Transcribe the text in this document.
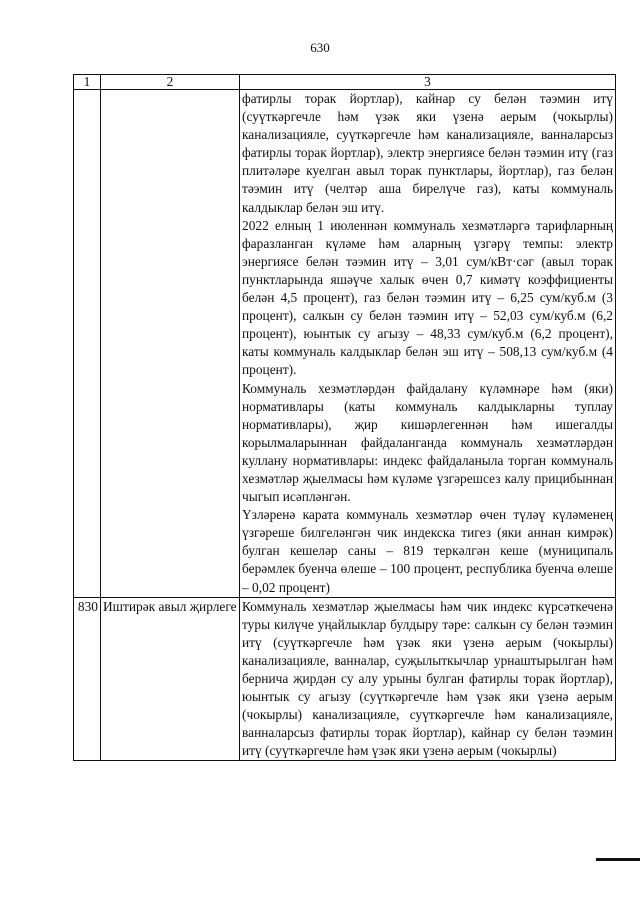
630
1	2	3

		фатирлы торак йортлар), кайнар су белән тәэмин итү (суүткәргечле һәм үзәк яки үзенә аерым (чокырлы) канализацияле, суүткәргечле һәм канализацияле, ванналарсыз фатирлы торак йортлар), электр энергиясе белән тәэмин итү (газ плитәләре куелган авыл торак пунктлары, йортлар), газ белән тәэмин итү (челтәр аша бирелүче газ), каты коммуналь калдыклар белән эш итү.

2022 елның 1 июленнән коммуналь хезмәтләргә тарифларның фаразланган күләме һәм аларның үзгәрү темпы: электр энергиясе белән тәэмин итү – 3,01 сум/кВт·сәг (авыл торак пунктларында яшәүче халык өчен 0,7 кимәтү коэффициенты белән 4,5 процент), газ белән тәэмин итү – 6,25 сум/куб.м (3 процент), салкын су белән тәэмин итү – 52,03 сум/куб.м (6,2 процент), юынтык су агызу – 48,33 сум/куб.м (6,2 процент), каты коммуналь калдыклар белән эш итү – 508,13 сум/куб.м (4 процент).

Коммуналь хезмәтләрдән файдалану күләмнәре һәм (яки) нормативлары (каты коммуналь калдыкларны туплау нормативлары), җир кишәрлегеннән һәм ишегалды корылмаларыннан файдаланганда коммуналь хезмәтләрдән куллану нормативлары: индекс файдаланыла торган коммуналь хезмәтләр җыелмасы һәм күләме үзгәрешсез калу прицибыннан чыгып исәпләнгән.

Үзләренә карата коммуналь хезмәтләр өчен түләү күләменең үзгәреше билгеләнгән чик индекска тигез (яки аннан кимрәк) булган кешеләр саны – 819 теркәлгән кеше (муниципаль берәмлек буенча өлеше – 100 процент, республика буенча өлеше – 0,02 процент)

830	Иштирәк авыл җирлеге	Коммуналь хезмәтләр җыелмасы һәм чик индекс күрсәткеченә туры килүче уңайлыклар булдыру тәре: салкын су белән тәэмин итү (суүткәргечле һәм үзәк яки үзенә аерым (чокырлы) канализацияле, ванналар, суҗылыткычлар урнаштырылган һәм бернича җирдән су алу урыны булган фатирлы торак йортлар), юынтык су агызу (суүткәргечле һәм үзәк яки үзенә аерым (чокырлы) канализацияле, суүткәргечле һәм канализацияле, ванналарсыз фатирлы торак йортлар), кайнар су белән тәэмин итү (суүткәргечле һәм үзәк яки үзенә аерым (чокырлы)
